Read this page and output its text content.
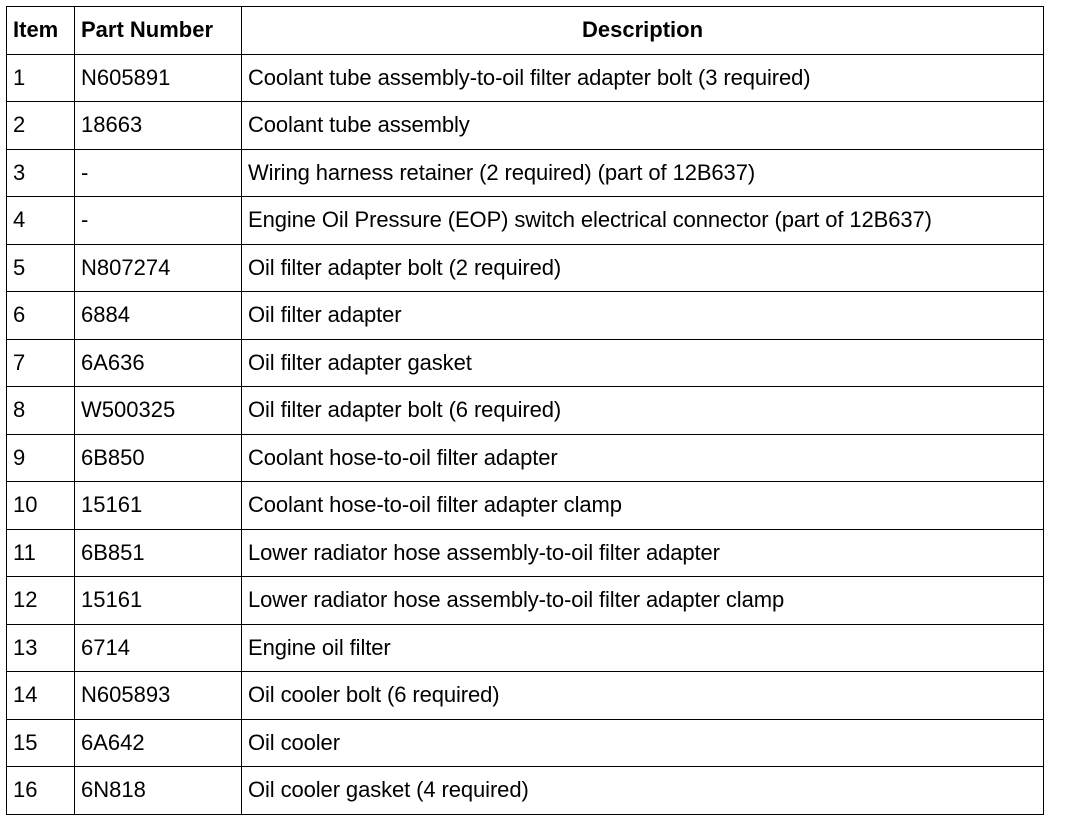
Item	Part Number	Description
1	N605891	Coolant tube assembly-to-oil filter adapter bolt (3 required)
2	18663	Coolant tube assembly
3	-	Wiring harness retainer (2 required) (part of 12B637)
4	-	Engine Oil Pressure (EOP) switch electrical connector (part of 12B637)
5	N807274	Oil filter adapter bolt (2 required)
6	6884	Oil filter adapter
7	6A636	Oil filter adapter gasket
8	W500325	Oil filter adapter bolt (6 required)
9	6B850	Coolant hose-to-oil filter adapter
10	15161	Coolant hose-to-oil filter adapter clamp
11	6B851	Lower radiator hose assembly-to-oil filter adapter
12	15161	Lower radiator hose assembly-to-oil filter adapter clamp
13	6714	Engine oil filter
14	N605893	Oil cooler bolt (6 required)
15	6A642	Oil cooler
16	6N818	Oil cooler gasket (4 required)
